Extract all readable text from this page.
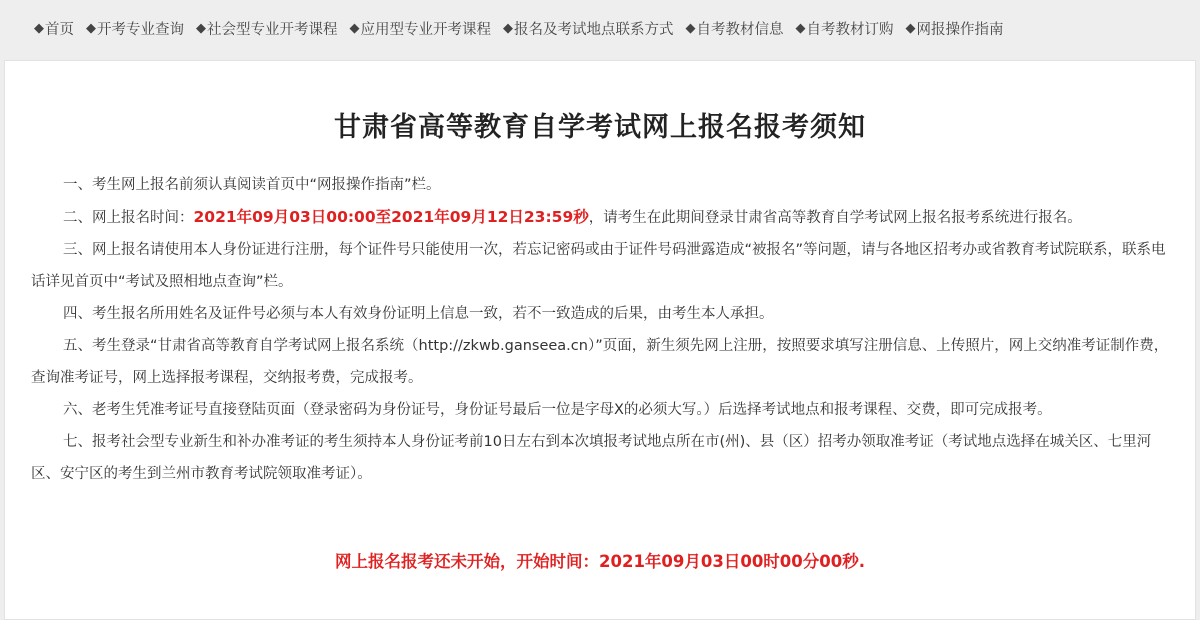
◆ 首页 ◆ 开考专业查询 ◆ 社会型专业开考课程 ◆ 应用型专业开考课程 ◆ 报名及考试地点联系方式 ◆ 自考教材信息 ◆ 自考教材订购 ◆ 网报操作指南
甘肃省高等教育自学考试网上报名报考须知

一、考生网上报名前须认真阅读首页中“网报操作指南”栏。

二、网上报名时间：2021年09月03日00:00至2021年09月12日23:59秒，请考生在此期间登录甘肃省高等教育自学考试网上报名报考系统进行报名。

三、网上报名请使用本人身份证进行注册，每个证件号只能使用一次，若忘记密码或由于证件号码泄露造成“被报名”等问题，请与各地区招考办或省教育考试院联系，联系电话详见首页中“考试及照相地点查询”栏。

四、考生报名所用姓名及证件号必须与本人有效身份证明上信息一致，若不一致造成的后果，由考生本人承担。

五、考生登录“甘肃省高等教育自学考试网上报名系统（http://zkwb.ganseea.cn）”页面，新生须先网上注册，按照要求填写注册信息、上传照片，网上交纳准考证制作费，查询准考证号，网上选择报考课程，交纳报考费，完成报考。

六、老考生凭准考证号直接登陆页面（登录密码为身份证号，身份证号最后一位是字母X的必须大写。）后选择考试地点和报考课程、交费，即可完成报考。

七、报考社会型专业新生和补办准考证的考生须持本人身份证考前10日左右到本次填报考试地点所在市(州)、县（区）招考办领取准考证（考试地点选择在城关区、七里河区、安宁区的考生到兰州市教育考试院领取准考证）。

网上报名报考还未开始，开始时间：2021年09月03日00时00分00秒.
